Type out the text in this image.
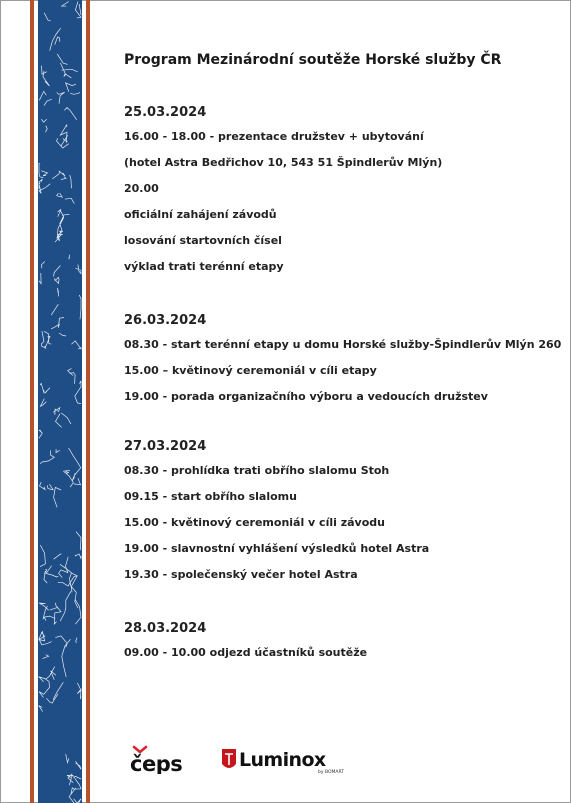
Program Mezinárodní soutěže Horské služby ČR
25.03.2024
16.00 - 18.00 - prezentace družstev + ubytování
(hotel Astra Bedřichov 10, 543 51 Špindlerův Mlýn)
20.00
oficiální zahájení závodů
losování startovních čísel
výklad trati terénní etapy
26.03.2024
08.30 - start terénní etapy u domu Horské služby-Špindlerův Mlýn 260
15.00 – květinový ceremoniál v cíli etapy
19.00 - porada organizačního výboru a vedoucích družstev
27.03.2024
08.30 - prohlídka trati obřího slalomu Stoh
09.15 - start obřího slalomu
15.00 - květinový ceremoniál v cíli závodu
19.00 - slavnostní vyhlášení výsledků hotel Astra
19.30 - společenský večer hotel Astra
28.03.2024
09.00 - 10.00 odjezd účastníků soutěže
čeps	Luminox
by BOMART
